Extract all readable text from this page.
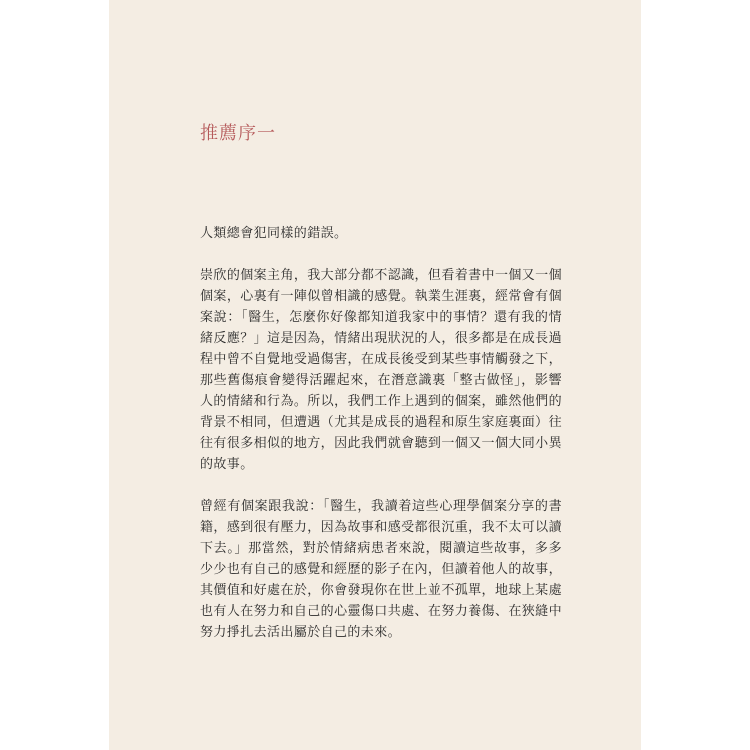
推薦序一

人類總會犯同樣的錯誤。

崇欣的個案主角，我大部分都不認識，但看着書中一個又一個個案，心裏有一陣似曾相識的感覺。執業生涯裏，經常會有個案說：「醫生，怎麼你好像都知道我家中的事情？還有我的情緒反應？」這是因為，情緒出現狀況的人，很多都是在成長過程中曾不自覺地受過傷害，在成長後受到某些事情觸發之下，那些舊傷痕會變得活躍起來，在潛意識裏「整古做怪」，影響人的情緒和行為。所以，我們工作上遇到的個案，雖然他們的背景不相同，但遭遇（尤其是成長的過程和原生家庭裏面）往往有很多相似的地方，因此我們就會聽到一個又一個大同小異的故事。

曾經有個案跟我說：「醫生，我讀着這些心理學個案分享的書籍，感到很有壓力，因為故事和感受都很沉重，我不太可以讀下去。」那當然，對於情緒病患者來說，閱讀這些故事，多多少少也有自己的感覺和經歷的影子在內，但讀着他人的故事，其價值和好處在於，你會發現你在世上並不孤單，地球上某處也有人在努力和自己的心靈傷口共處、在努力養傷、在狹縫中努力掙扎去活出屬於自己的未來。
